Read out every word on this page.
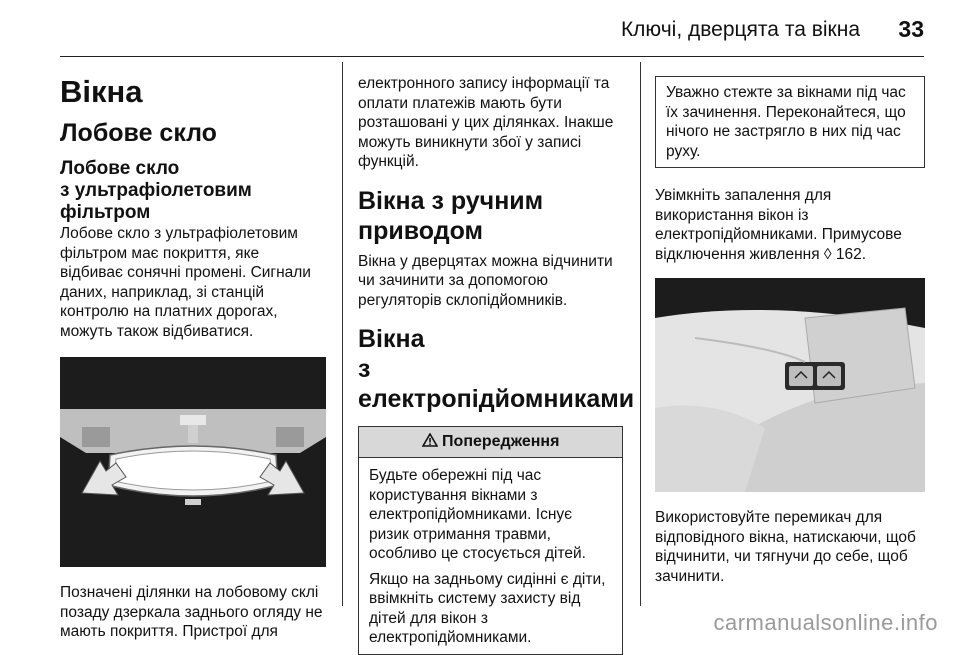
Ключі, дверцята та вікна 33
Вікна
Лобове скло
Лобове скло
з ультрафіолетовим фільтром

Лобове скло з ультрафіолетовим фільтром має покриття, яке відбиває сонячні промені. Сигнали даних, наприклад, зі станцій контролю на платних дорогах, можуть також відбиватися.

Позначені ділянки на лобовому склі позаду дзеркала заднього огляду не мають покриття. Пристрої для

електронного запису інформації та оплати платежів мають бути розташовані у цих ділянках. Інакше можуть виникнути збої у записі функцій.

Вікна з ручним приводом

Вікна у дверцятах можна відчинити чи зачинити за допомогою регуляторів склопідйомників.

Вікна
з електропідйомниками
Попередження

Будьте обережні під час користування вікнами з електропідйомниками. Існує ризик отримання травми, особливо це стосується дітей.

Якщо на задньому сидінні є діти, ввімкніть систему захисту від дітей для вікон з електропідйомниками.

Уважно стежте за вікнами під час їх зачинення. Переконайтеся, що нічого не застрягло в них під час руху.

Увімкніть запалення для використання вікон із електропідйомниками. Примусове відключення живлення ◊ 162.

Використовуйте перемикач для відповідного вікна, натискаючи, щоб відчинити, чи тягнучи до себе, щоб зачинити.

carmanualsonline.info
